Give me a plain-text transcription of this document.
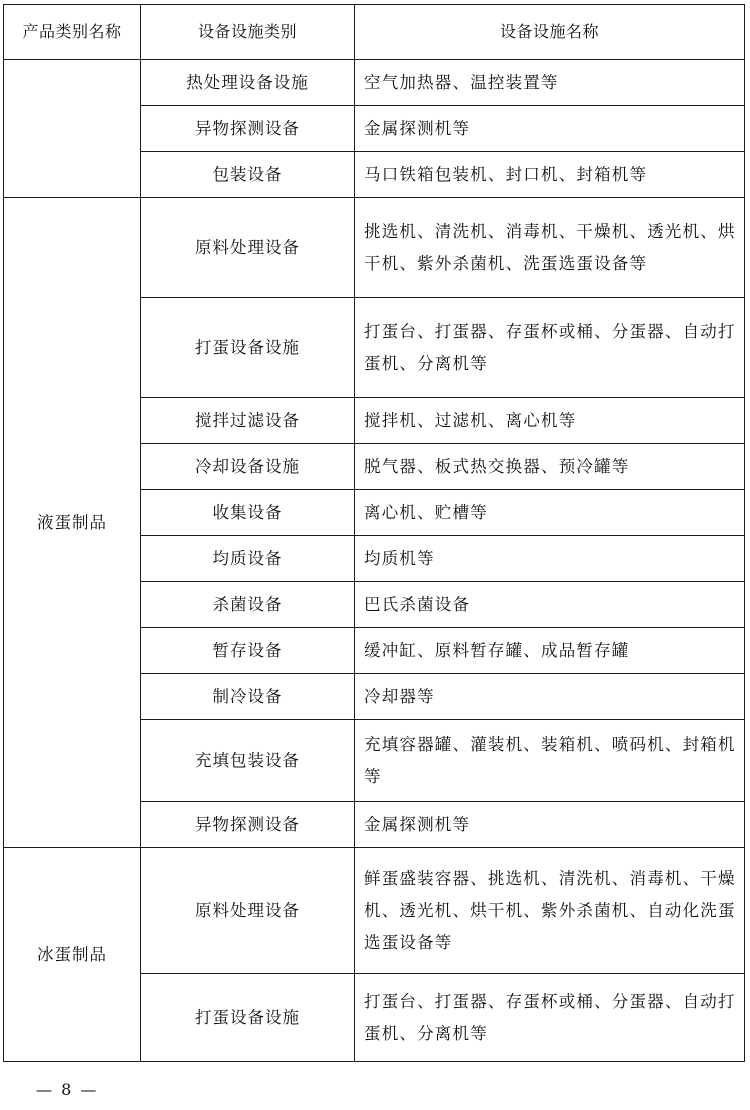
产品类别名称	设备设施类别	设备设施名称
	热处理设备设施	空气加热器、温控装置等
	异物探测设备	金属探测机等
	包装设备	马口铁箱包装机、封口机、封箱机等
液蛋制品	原料处理设备	挑选机、清洗机、消毒机、干燥机、透光机、烘干机、紫外杀菌机、洗蛋选蛋设备等
	打蛋设备设施	打蛋台、打蛋器、存蛋杯或桶、分蛋器、自动打蛋机、分离机等
	搅拌过滤设备	搅拌机、过滤机、离心机等
	冷却设备设施	脱气器、板式热交换器、预冷罐等
	收集设备	离心机、贮槽等
	均质设备	均质机等
	杀菌设备	巴氏杀菌设备
	暂存设备	缓冲缸、原料暂存罐、成品暂存罐
	制冷设备	冷却器等
	充填包装设备	充填容器罐、灌装机、装箱机、喷码机、封箱机等
	异物探测设备	金属探测机等
冰蛋制品	原料处理设备	鲜蛋盛装容器、挑选机、清洗机、消毒机、干燥机、透光机、烘干机、紫外杀菌机、自动化洗蛋选蛋设备等
	打蛋设备设施	打蛋台、打蛋器、存蛋杯或桶、分蛋器、自动打蛋机、分离机等
— 8 —
